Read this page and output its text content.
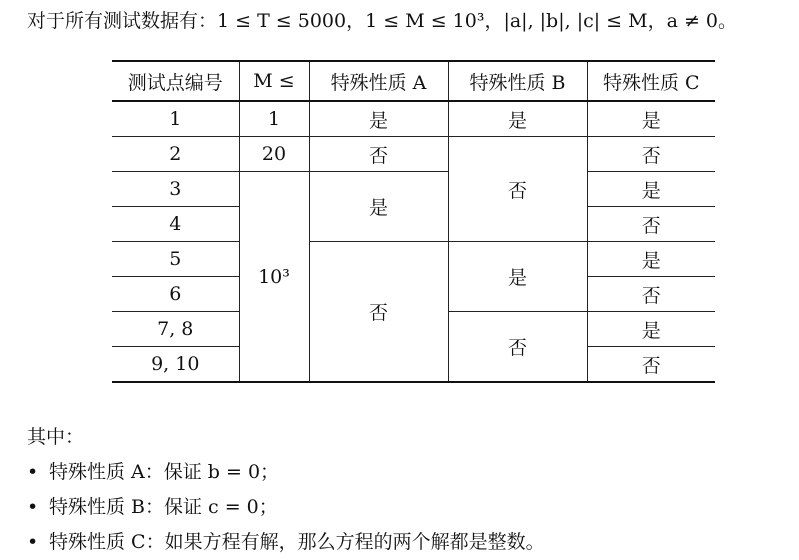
对于所有测试数据有：1 ≤ T ≤ 5000，1 ≤ M ≤ 10³，|a|, |b|, |c| ≤ M，a ≠ 0。
测试点编号	M ≤	特殊性质 A	特殊性质 B	特殊性质 C
1	1	是	是	是
2	20	否	否	否
3	10³	是		是
4				否
5		否	是	是
6				否
7, 8			否	是
9, 10				否
其中：
• 特殊性质 A：保证 b = 0；
• 特殊性质 B：保证 c = 0；
• 特殊性质 C：如果方程有解，那么方程的两个解都是整数。
